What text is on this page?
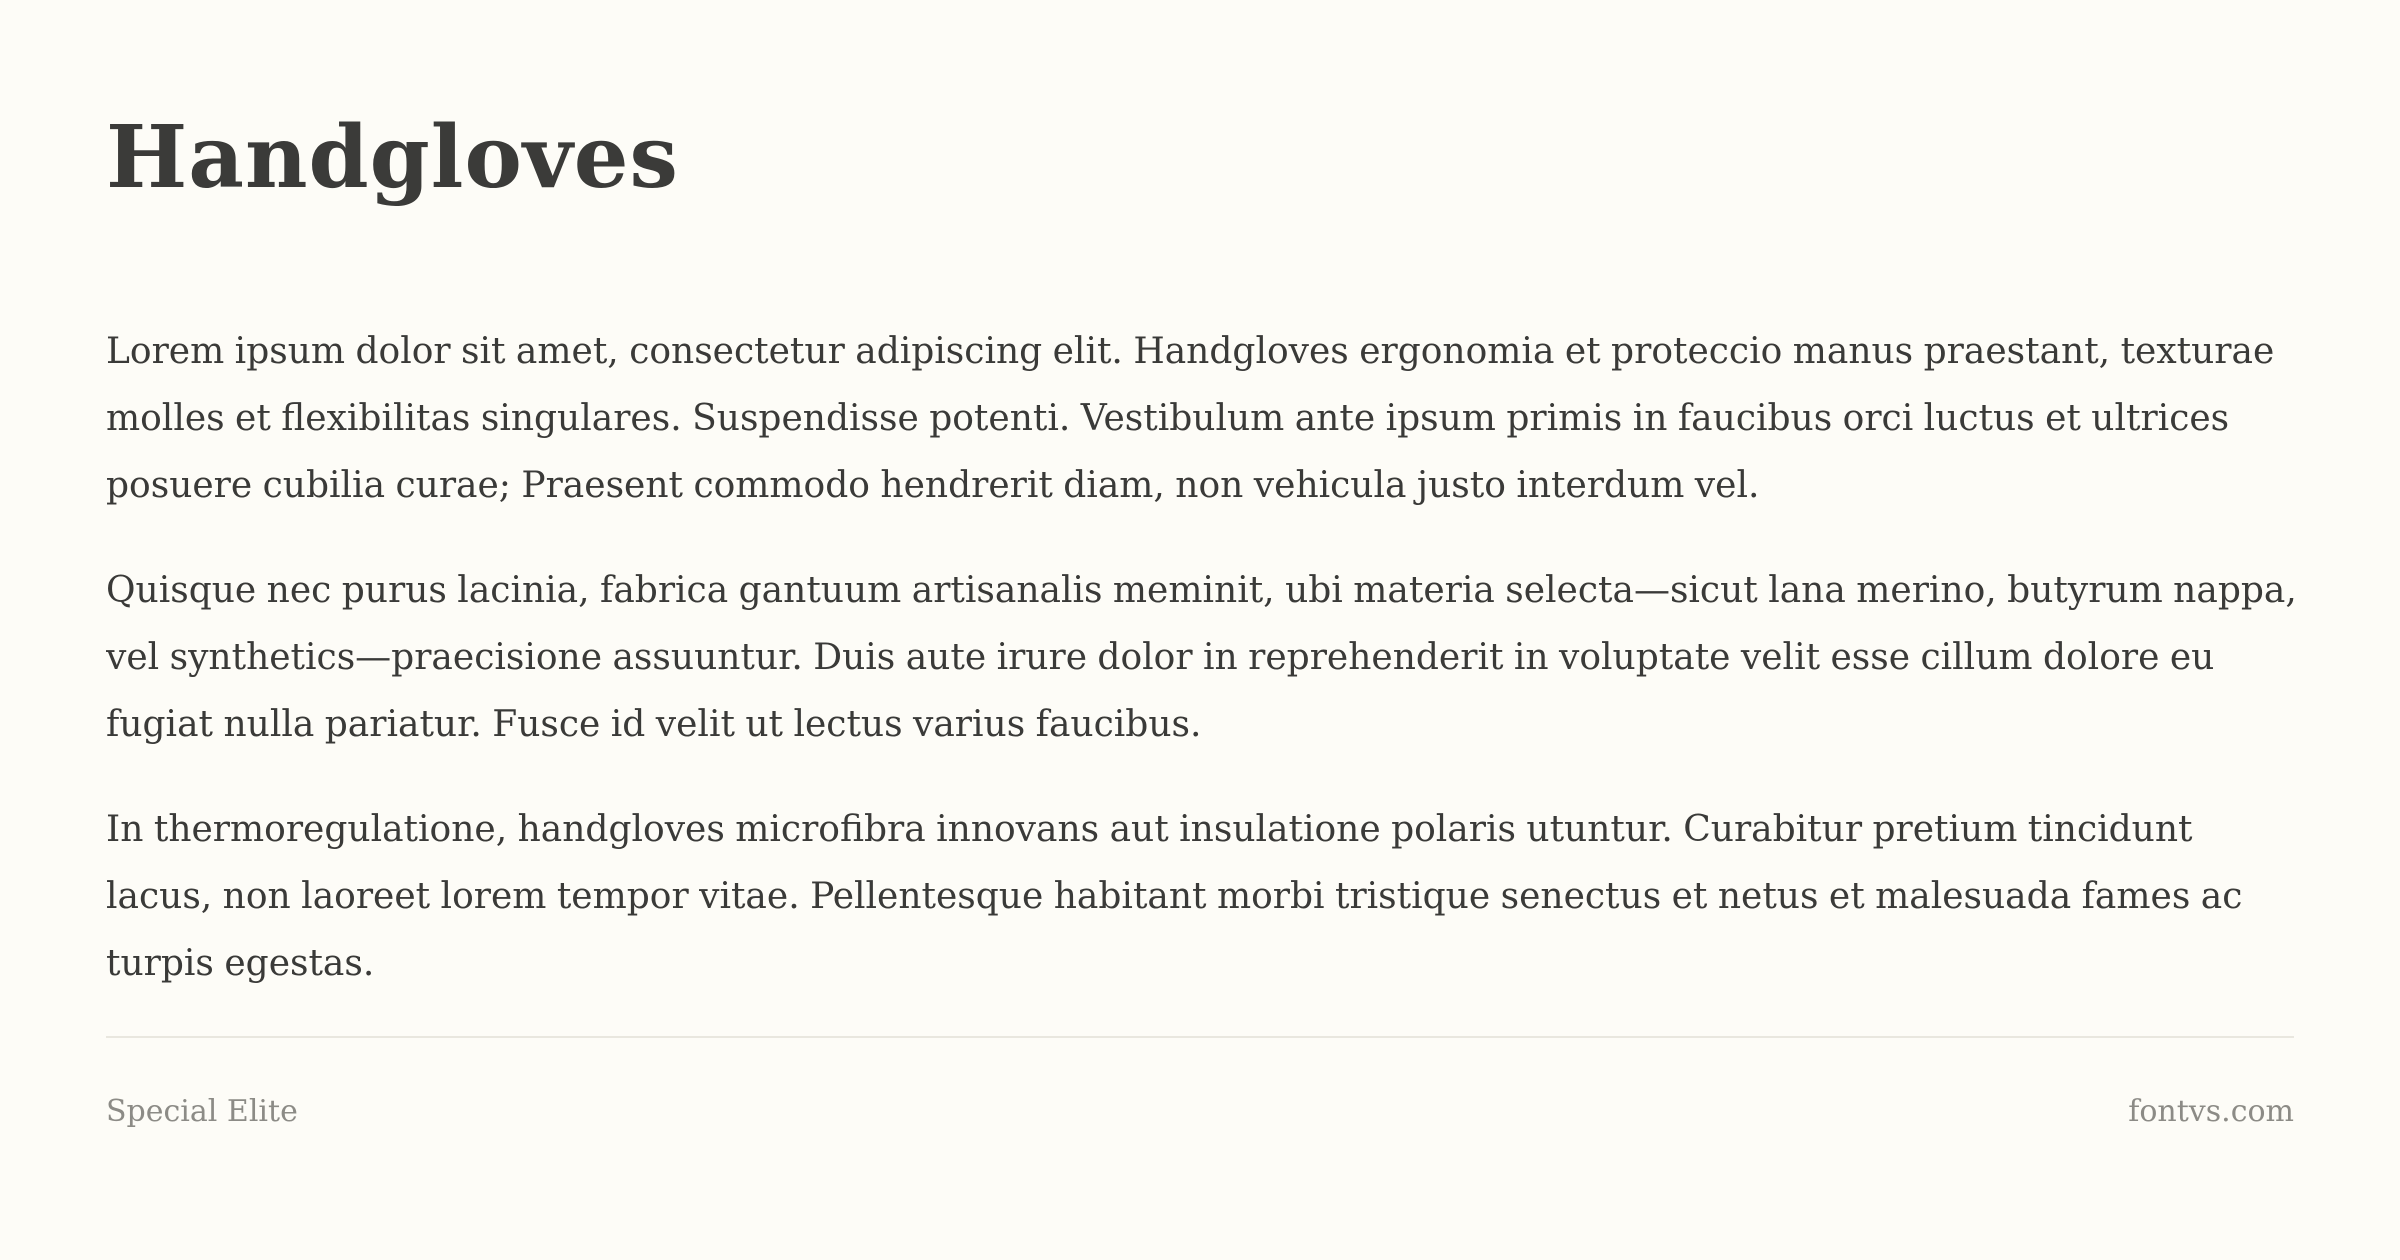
Handgloves

Lorem ipsum dolor sit amet, consectetur adipiscing elit. Handgloves ergonomia et proteccio manus praestant, texturae molles et flexibilitas singulares. Suspendisse potenti. Vestibulum ante ipsum primis in faucibus orci luctus et ultrices posuere cubilia curae; Praesent commodo hendrerit diam, non vehicula justo interdum vel.

Quisque nec purus lacinia, fabrica gantuum artisanalis meminit, ubi materia selecta—sicut lana merino, butyrum nappa, vel synthetics—praecisione assuuntur. Duis aute irure dolor in reprehenderit in voluptate velit esse cillum dolore eu fugiat nulla pariatur. Fusce id velit ut lectus varius faucibus.

In thermoregulatione, handgloves microfibra innovans aut insulatione polaris utuntur. Curabitur pretium tincidunt lacus, non laoreet lorem tempor vitae. Pellentesque habitant morbi tristique senectus et netus et malesuada fames ac turpis egestas.

Special Elite	fontvs.com
